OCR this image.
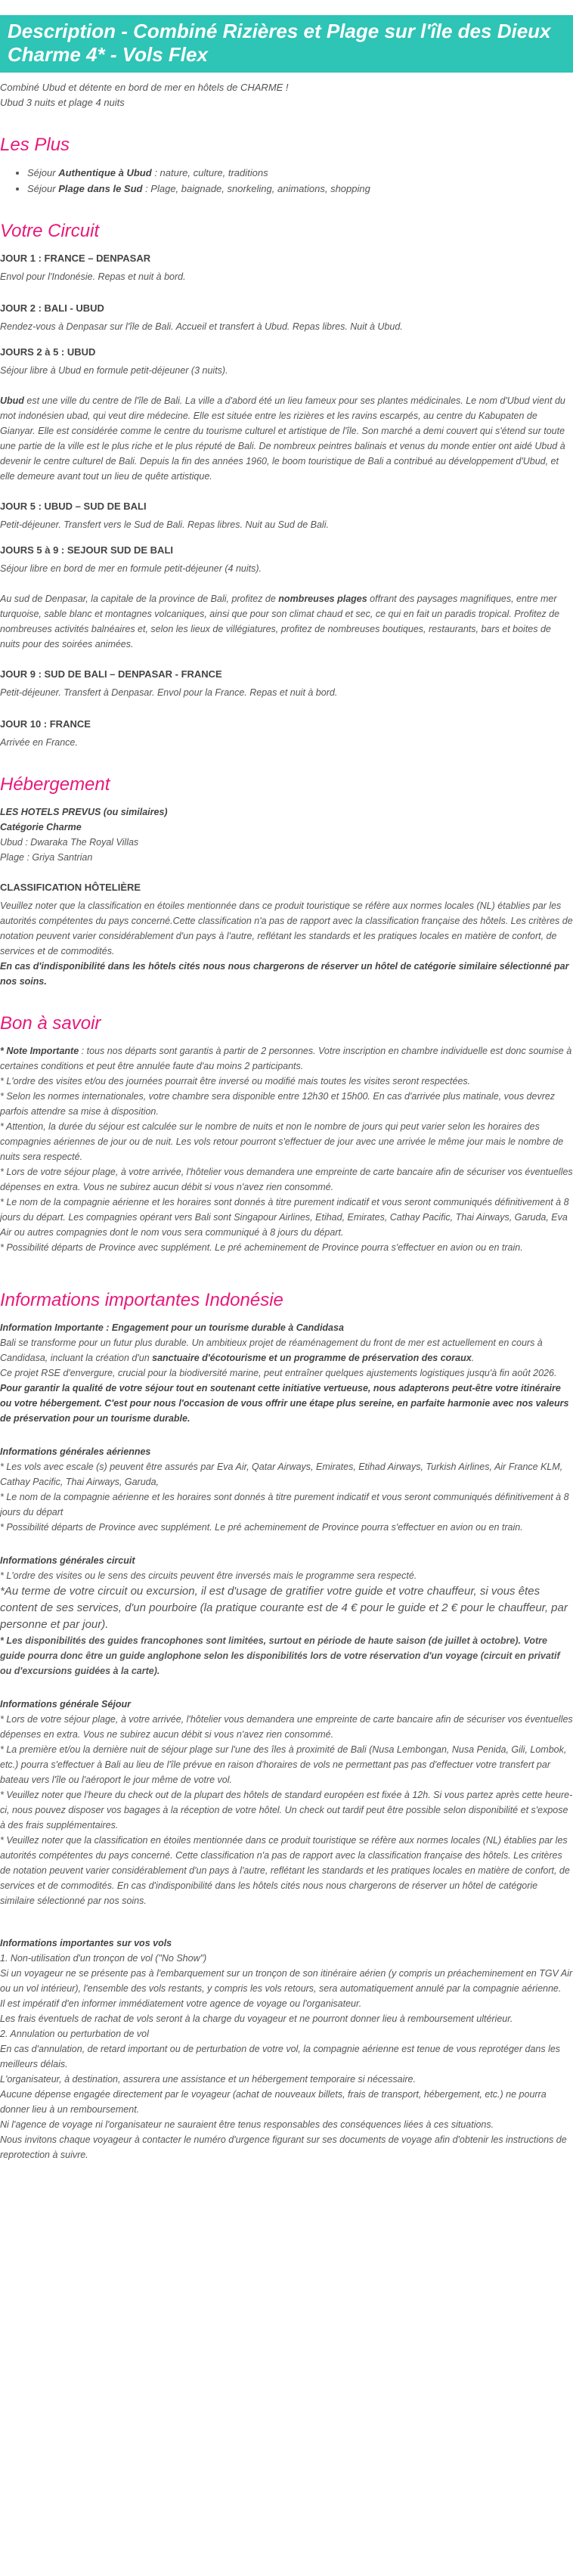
Description - Combiné Rizières et Plage sur l'île des Dieux Charme 4* - Vols Flex

Combiné Ubud et détente en bord de mer en hôtels de CHARME !
Ubud 3 nuits et plage 4 nuits

Les Plus
• Séjour Authentique à Ubud : nature, culture, traditions
• Séjour Plage dans le Sud : Plage, baignade, snorkeling, animations, shopping
Votre Circuit
JOUR 1 : FRANCE – DENPASAR
Envol pour l'Indonésie. Repas et nuit à bord.
JOUR 2 : BALI - UBUD
Rendez-vous à Denpasar sur l'île de Bali. Accueil et transfert à Ubud. Repas libres. Nuit à Ubud.
JOURS 2 à 5 : UBUD
Séjour libre à Ubud en formule petit-déjeuner (3 nuits).

Ubud est une ville du centre de l'île de Bali. La ville a d'abord été un lieu fameux pour ses plantes médicinales. Le nom d'Ubud vient du mot indonésien ubad, qui veut dire médecine. Elle est située entre les rizières et les ravins escarpés, au centre du Kabupaten de Gianyar. Elle est considérée comme le centre du tourisme culturel et artistique de l'île. Son marché a demi couvert qui s'étend sur toute une partie de la ville est le plus riche et le plus réputé de Bali. De nombreux peintres balinais et venus du monde entier ont aidé Ubud à devenir le centre culturel de Bali. Depuis la fin des années 1960, le boom touristique de Bali a contribué au développement d'Ubud, et elle demeure avant tout un lieu de quête artistique.

JOUR 5 : UBUD – SUD DE BALI
Petit-déjeuner. Transfert vers le Sud de Bali. Repas libres. Nuit au Sud de Bali.
JOURS 5 à 9 : SEJOUR SUD DE BALI
Séjour libre en bord de mer en formule petit-déjeuner (4 nuits).

Au sud de Denpasar, la capitale de la province de Bali, profitez de nombreuses plages offrant des paysages magnifiques, entre mer turquoise, sable blanc et montagnes volcaniques, ainsi que pour son climat chaud et sec, ce qui en fait un paradis tropical. Profitez de nombreuses activités balnéaires et, selon les lieux de villégiatures, profitez de nombreuses boutiques, restaurants, bars et boites de nuits pour des soirées animées.

JOUR 9 : SUD DE BALI – DENPASAR - FRANCE
Petit-déjeuner. Transfert à Denpasar. Envol pour la France. Repas et nuit à bord.
JOUR 10 : FRANCE
Arrivée en France.
Hébergement
LES HOTELS PREVUS (ou similaires)
Catégorie Charme
Ubud : Dwaraka The Royal Villas
Plage : Griya Santrian
CLASSIFICATION HÔTELIÈRE

Veuillez noter que la classification en étoiles mentionnée dans ce produit touristique se réfère aux normes locales (NL) établies par les autorités compétentes du pays concerné.Cette classification n'a pas de rapport avec la classification française des hôtels. Les critères de notation peuvent varier considérablement d'un pays à l'autre, reflétant les standards et les pratiques locales en matière de confort, de services et de commodités.

En cas d'indisponibilité dans les hôtels cités nous nous chargerons de réserver un hôtel de catégorie similaire sélectionné par nos soins.

Bon à savoir

* Note Importante : tous nos départs sont garantis à partir de 2 personnes. Votre inscription en chambre individuelle est donc soumise à certaines conditions et peut être annulée faute d'au moins 2 participants.

* L'ordre des visites et/ou des journées pourrait être inversé ou modifié mais toutes les visites seront respectées.

* Selon les normes internationales, votre chambre sera disponible entre 12h30 et 15h00. En cas d'arrivée plus matinale, vous devrez parfois attendre sa mise à disposition.

* Attention, la durée du séjour est calculée sur le nombre de nuits et non le nombre de jours qui peut varier selon les horaires des compagnies aériennes de jour ou de nuit. Les vols retour pourront s'effectuer de jour avec une arrivée le même jour mais le nombre de nuits sera respecté.

* Lors de votre séjour plage, à votre arrivée, l'hôtelier vous demandera une empreinte de carte bancaire afin de sécuriser vos éventuelles dépenses en extra. Vous ne subirez aucun débit si vous n'avez rien consommé.

* Le nom de la compagnie aérienne et les horaires sont donnés à titre purement indicatif et vous seront communiqués définitivement à 8 jours du départ. Les compagnies opérant vers Bali sont Singapour Airlines, Etihad, Emirates, Cathay Pacific, Thai Airways, Garuda, Eva Air ou autres compagnies dont le nom vous sera communiqué à 8 jours du départ.

* Possibilité départs de Province avec supplément. Le pré acheminement de Province pourra s'effectuer en avion ou en train.

Informations importantes Indonésie
Information Importante : Engagement pour un tourisme durable à Candidasa

Bali se transforme pour un futur plus durable. Un ambitieux projet de réaménagement du front de mer est actuellement en cours à Candidasa, incluant la création d'un sanctuaire d'écotourisme et un programme de préservation des coraux.

Ce projet RSE d'envergure, crucial pour la biodiversité marine, peut entraîner quelques ajustements logistiques jusqu'à fin août 2026. Pour garantir la qualité de votre séjour tout en soutenant cette initiative vertueuse, nous adapterons peut-être votre itinéraire ou votre hébergement. C'est pour nous l'occasion de vous offrir une étape plus sereine, en parfaite harmonie avec nos valeurs de préservation pour un tourisme durable.

Informations générales aériennes

* Les vols avec escale (s) peuvent être assurés par Eva Air, Qatar Airways, Emirates, Etihad Airways, Turkish Airlines, Air France KLM, Cathay Pacific, Thai Airways, Garuda,

* Le nom de la compagnie aérienne et les horaires sont donnés à titre purement indicatif et vous seront communiqués définitivement à 8 jours du départ

* Possibilité départs de Province avec supplément. Le pré acheminement de Province pourra s'effectuer en avion ou en train.

Informations générales circuit

* L'ordre des visites ou le sens des circuits peuvent être inversés mais le programme sera respecté.

*Au terme de votre circuit ou excursion, il est d'usage de gratifier votre guide et votre chauffeur, si vous êtes content de ses services, d'un pourboire (la pratique courante est de 4 € pour le guide et 2 € pour le chauffeur, par personne et par jour).

* Les disponibilités des guides francophones sont limitées, surtout en période de haute saison (de juillet à octobre). Votre guide pourra donc être un guide anglophone selon les disponibilités lors de votre réservation d'un voyage (circuit en privatif ou d'excursions guidées à la carte).

Informations générale Séjour

* Lors de votre séjour plage, à votre arrivée, l'hôtelier vous demandera une empreinte de carte bancaire afin de sécuriser vos éventuelles dépenses en extra. Vous ne subirez aucun débit si vous n'avez rien consommé.

* La première et/ou la dernière nuit de séjour plage sur l'une des îles à proximité de Bali (Nusa Lembongan, Nusa Penida, Gili, Lombok, etc.) pourra s'effectuer à Bali au lieu de l'île prévue en raison d'horaires de vols ne permettant pas pas d'effectuer votre transfert par bateau vers l'île ou l'aéroport le jour même de votre vol.

* Veuillez noter que l'heure du check out de la plupart des hôtels de standard européen est fixée à 12h. Si vous partez après cette heure-ci, nous pouvez disposer vos bagages à la réception de votre hôtel. Un check out tardif peut être possible selon disponibilité et s'expose à des frais supplémentaires.

* Veuillez noter que la classification en étoiles mentionnée dans ce produit touristique se réfère aux normes locales (NL) établies par les autorités compétentes du pays concerné. Cette classification n'a pas de rapport avec la classification française des hôtels. Les critères de notation peuvent varier considérablement d'un pays à l'autre, reflétant les standards et les pratiques locales en matière de confort, de services et de commodités. En cas d'indisponibilité dans les hôtels cités nous nous chargerons de réserver un hôtel de catégorie similaire sélectionné par nos soins.

Informations importantes sur vos vols

1. Non-utilisation d'un tronçon de vol ("No Show")

Si un voyageur ne se présente pas à l'embarquement sur un tronçon de son itinéraire aérien (y compris un préacheminement en TGV Air ou un vol intérieur), l'ensemble des vols restants, y compris les vols retours, sera automatiquement annulé par la compagnie aérienne.

Il est impératif d'en informer immédiatement votre agence de voyage ou l'organisateur.

Les frais éventuels de rachat de vols seront à la charge du voyageur et ne pourront donner lieu à remboursement ultérieur.

2. Annulation ou perturbation de vol

En cas d'annulation, de retard important ou de perturbation de votre vol, la compagnie aérienne est tenue de vous reprotéger dans les meilleurs délais.

L'organisateur, à destination, assurera une assistance et un hébergement temporaire si nécessaire.

Aucune dépense engagée directement par le voyageur (achat de nouveaux billets, frais de transport, hébergement, etc.) ne pourra donner lieu à un remboursement.

Ni l'agence de voyage ni l'organisateur ne sauraient être tenus responsables des conséquences liées à ces situations.

Nous invitons chaque voyageur à contacter le numéro d'urgence figurant sur ses documents de voyage afin d'obtenir les instructions de reprotection à suivre.
